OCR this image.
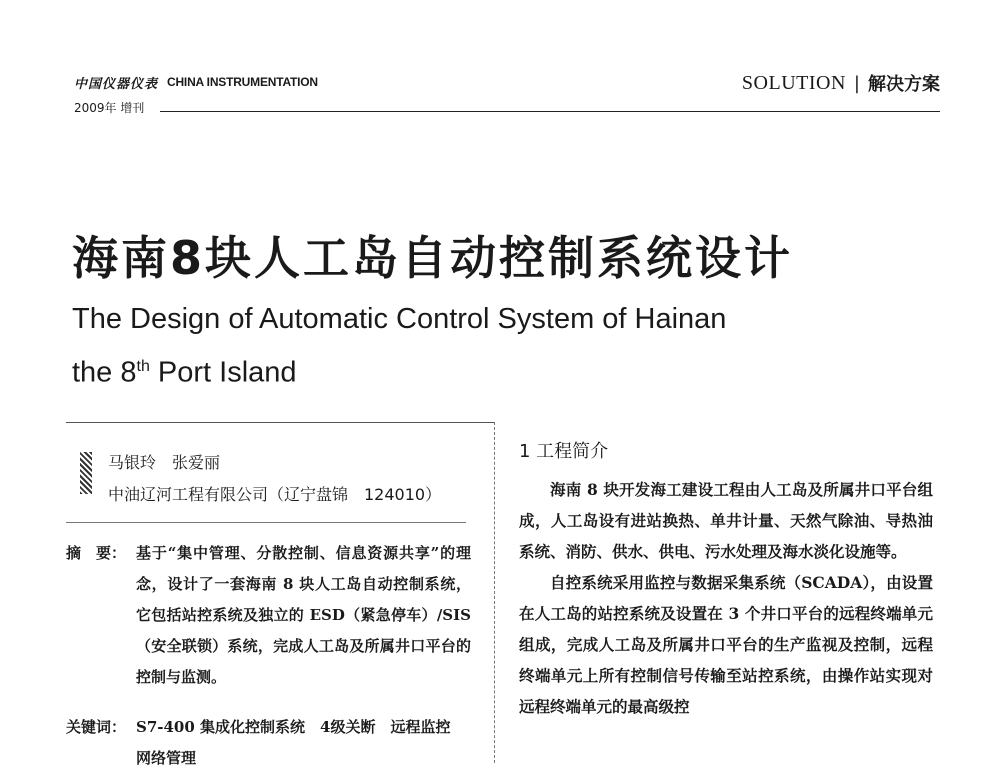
中国仪器仪表 CHINA INSTRUMENTATION
2009年 增刊
SOLUTION | 解决方案
海南8块人工岛自动控制系统设计
The Design of Automatic Control System of Hainan
the 8th Port Island
马银玲　张爱丽
中油辽河工程有限公司（辽宁盘锦　124010）
摘　要： 基于“集中管理、分散控制、信息资源共享”的理念，设计了一套海南 8 块人工岛自动控制系统，它包括站控系统及独立的 ESD（紧急停车）/SIS（安全联锁）系统，完成人工岛及所属井口平台的控制与监测。
关键词： S7-400 集成化控制系统　4级关断　远程监控　网络管理
1 工程简介

海南 8 块开发海工建设工程由人工岛及所属井口平台组成，人工岛设有进站换热、单井计量、天然气除油、导热油系统、消防、供水、供电、污水处理及海水淡化设施等。

自控系统采用监控与数据采集系统（SCADA），由设置在人工岛的站控系统及设置在 3 个井口平台的远程终端单元组成，完成人工岛及所属井口平台的生产监视及控制，远程终端单元上所有控制信号传输至站控系统，由操作站实现对远程终端单元的最高级控
